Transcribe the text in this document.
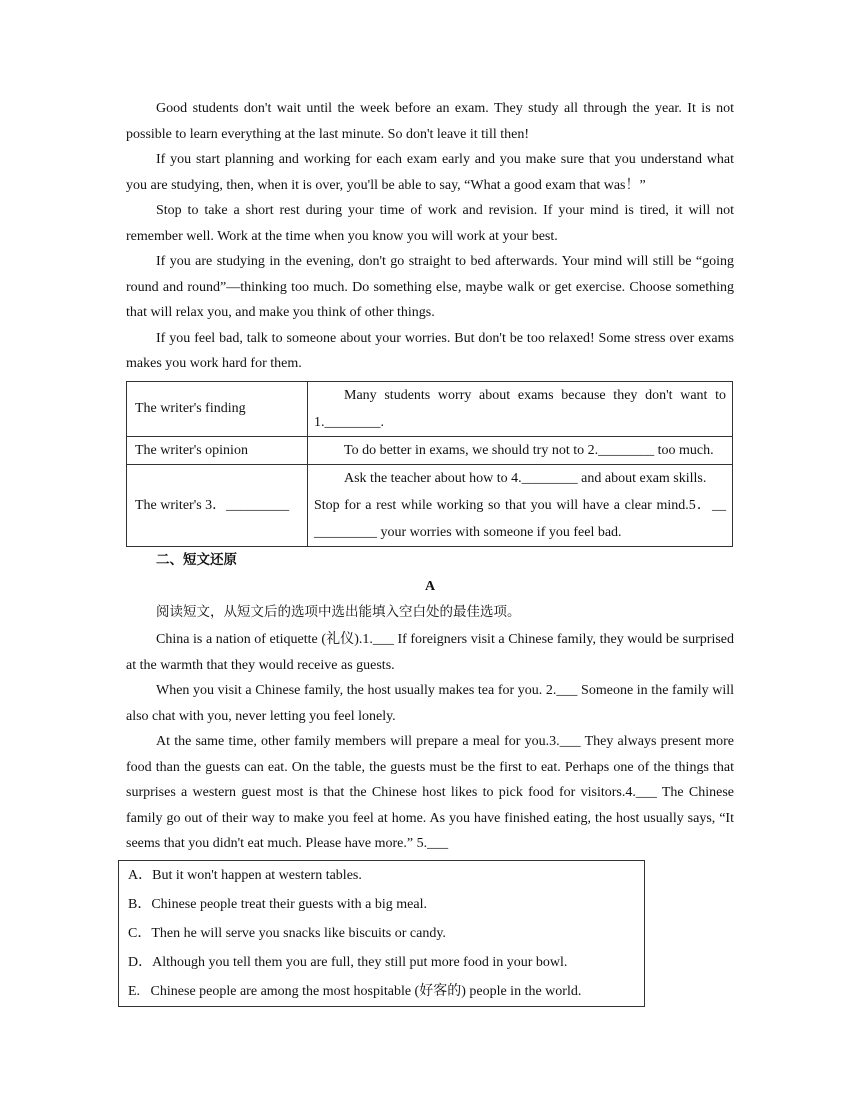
Good students don't wait until the week before an exam. They study all through the year. It is not possible to learn everything at the last minute. So don't leave it till then!

If you start planning and working for each exam early and you make sure that you understand what you are studying, then, when it is over, you'll be able to say, “What a good exam that was！”

Stop to take a short rest during your time of work and revision. If your mind is tired, it will not remember well. Work at the time when you know you will work at your best.

If you are studying in the evening, don't go straight to bed afterwards. Your mind will still be “going round and round”—thinking too much. Do something else, maybe walk or get exercise. Choose something that will relax you, and make you think of other things.

If you feel bad, talk to someone about your worries. But don't be too relaxed! Some stress over exams makes you work hard for them.

The writer's finding	Many students worry about exams because they don't want to 1.________.
The writer's opinion	To do better in exams, we should try not to 2.________ too much.
The writer's 3．_________	Ask the teacher about how to 4.________ and about exam skills.
Stop for a rest while working so that you will have a clear mind.5．__ _________ your worries with someone if you feel bad.
二、短文还原
A

阅读短文，从短文后的选项中选出能填入空白处的最佳选项。

China is a nation of etiquette (礼仪).1.___ If foreigners visit a Chinese family, they would be surprised at the warmth that they would receive as guests.

When you visit a Chinese family, the host usually makes tea for you. 2.___ Someone in the family will also chat with you, never letting you feel lonely.

At the same time, other family members will prepare a meal for you.3.___ They always present more food than the guests can eat. On the table, the guests must be the first to eat. Perhaps one of the things that surprises a western guest most is that the Chinese host likes to pick food for visitors.4.___ The Chinese family go out of their way to make you feel at home. As you have finished eating, the host usually says, “It seems that you didn't eat much. Please have more.” 5.___

A．But it won't happen at western tables.
B．Chinese people treat their guests with a big meal.
C．Then he will serve you snacks like biscuits or candy.
D．Although you tell them you are full, they still put more food in your bowl.
E.   Chinese people are among the most hospitable (好客的) people in the world.
